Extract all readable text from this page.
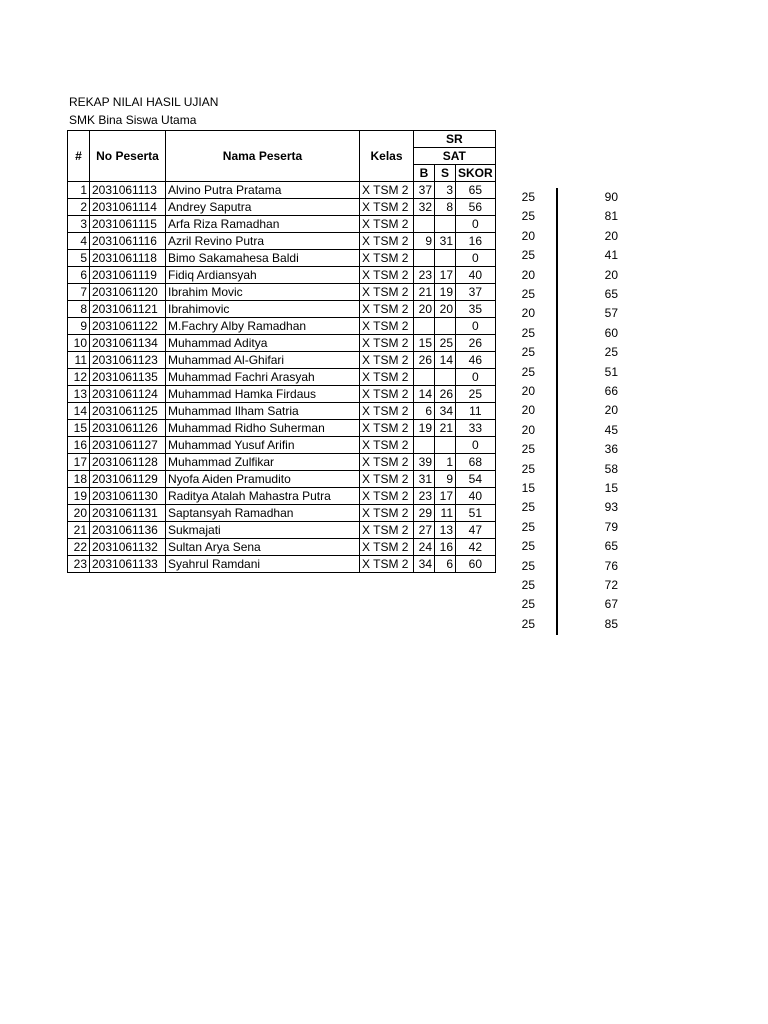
REKAP NILAI HASIL UJIAN
SMK Bina Siswa Utama
#	No Peserta	Nama Peserta	Kelas	SR		
				SAT		
				B	S	SKOR
1	2031061113	Alvino Putra Pratama	X TSM 2	37	3	65
2	2031061114	Andrey Saputra	X TSM 2	32	8	56
3	2031061115	Arfa Riza Ramadhan	X TSM 2			0
4	2031061116	Azril Revino Putra	X TSM 2	9	31	16
5	2031061118	Bimo Sakamahesa Baldi	X TSM 2			0
6	2031061119	Fidiq Ardiansyah	X TSM 2	23	17	40
7	2031061120	Ibrahim Movic	X TSM 2	21	19	37
8	2031061121	Ibrahimovic	X TSM 2	20	20	35
9	2031061122	M.Fachry Alby Ramadhan	X TSM 2			0
10	2031061134	Muhammad Aditya	X TSM 2	15	25	26
11	2031061123	Muhammad Al-Ghifari	X TSM 2	26	14	46
12	2031061135	Muhammad Fachri Arasyah	X TSM 2			0
13	2031061124	Muhammad Hamka Firdaus	X TSM 2	14	26	25
14	2031061125	Muhammad Ilham Satria	X TSM 2	6	34	11
15	2031061126	Muhammad Ridho Suherman	X TSM 2	19	21	33
16	2031061127	Muhammad Yusuf Arifin	X TSM 2			0
17	2031061128	Muhammad Zulfikar	X TSM 2	39	1	68
18	2031061129	Nyofa Aiden Pramudito	X TSM 2	31	9	54
19	2031061130	Raditya Atalah Mahastra Putra	X TSM 2	23	17	40
20	2031061131	Saptansyah Ramadhan	X TSM 2	29	11	51
21	2031061136	Sukmajati	X TSM 2	27	13	47
22	2031061132	Sultan Arya Sena	X TSM 2	24	16	42
23	2031061133	Syahrul Ramdani	X TSM 2	34	6	60
25	90
25	81
20	20
25	41
20	20
25	65
20	57
25	60
25	25
25	51
20	66
20	20
20	45
25	36
25	58
15	15
25	93
25	79
25	65
25	76
25	72
25	67
25	85
